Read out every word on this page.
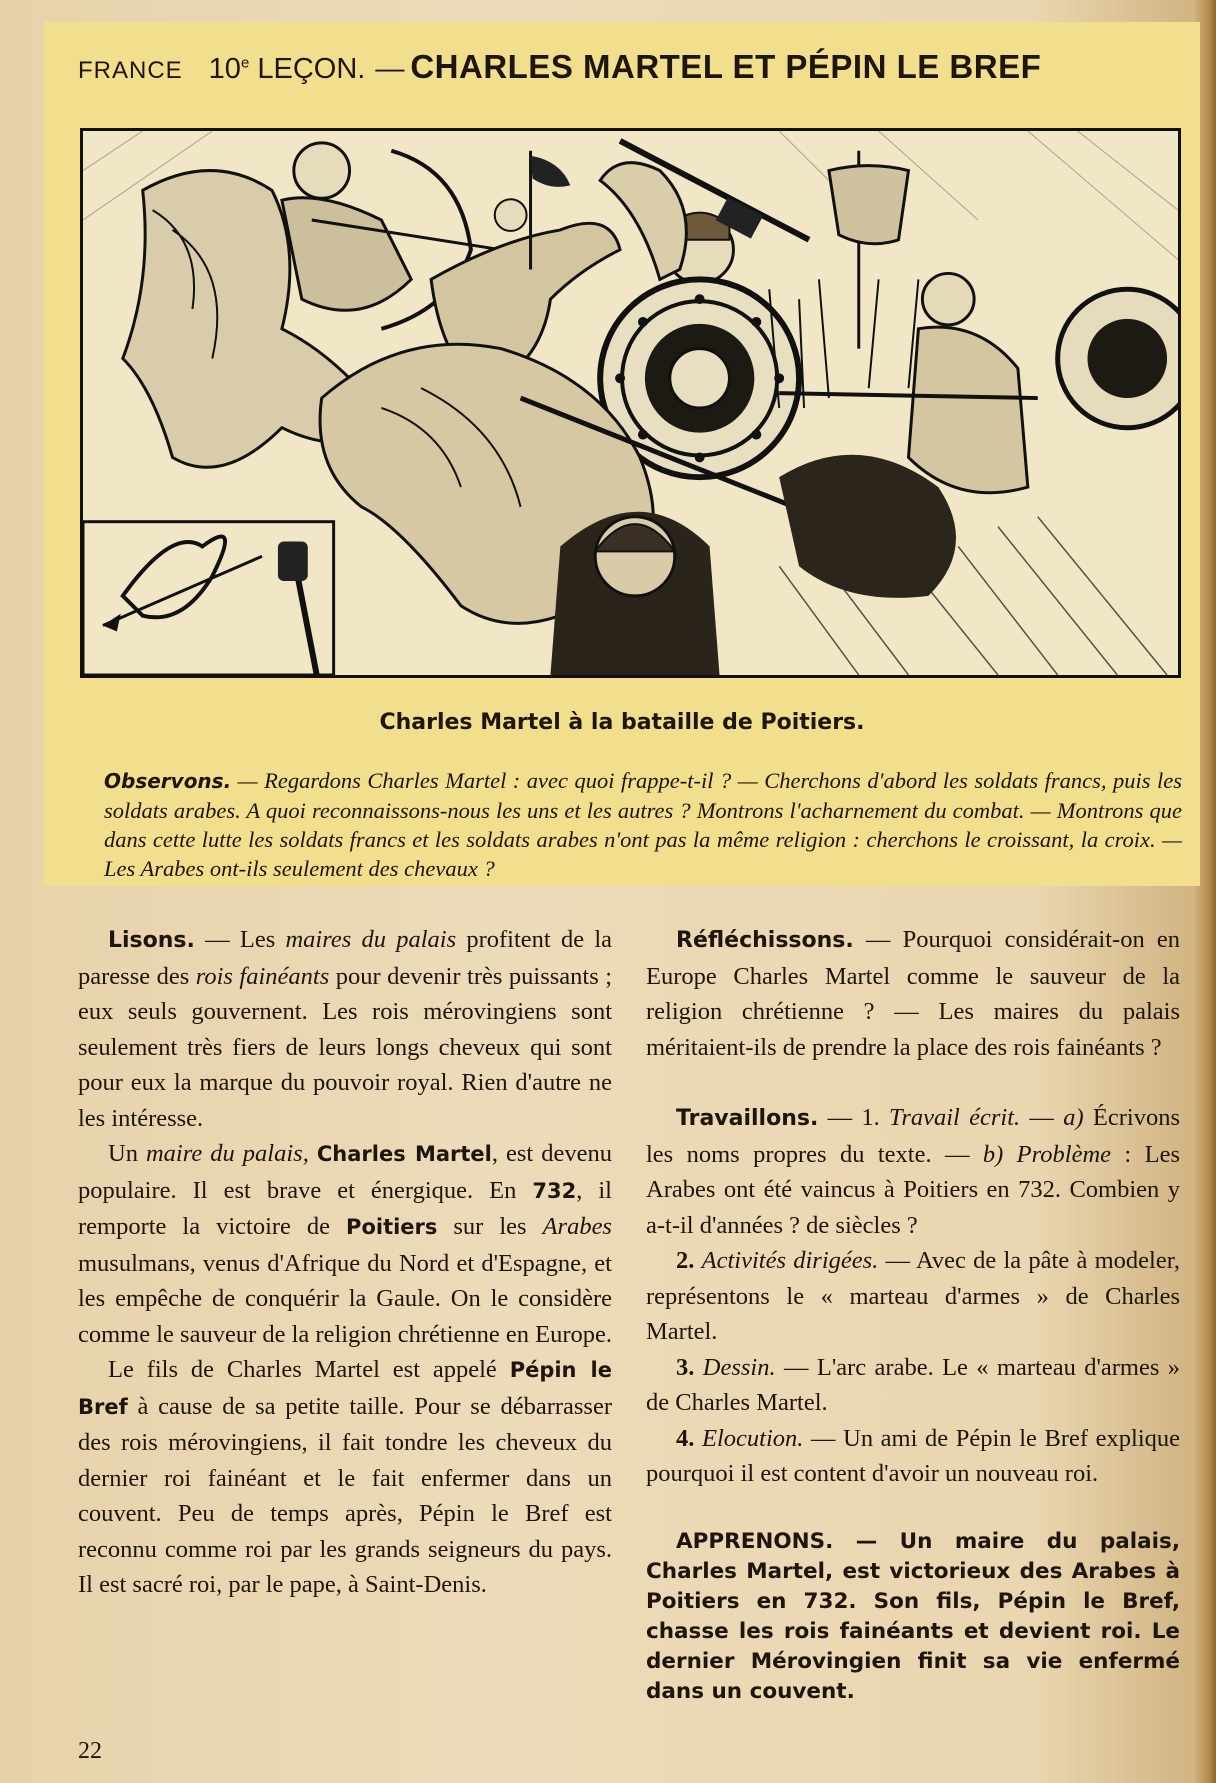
FRANCE 10e LEÇON. — CHARLES MARTEL ET PÉPIN LE BREF
Charles Martel à la bataille de Poitiers.
Observons. — Regardons Charles Martel : avec quoi frappe-t-il ? — Cherchons d'abord les soldats francs, puis les soldats arabes. A quoi reconnaissons-nous les uns et les autres ? Montrons l'acharnement du combat. — Montrons que dans cette lutte les soldats francs et les soldats arabes n'ont pas la même religion : cherchons le croissant, la croix. — Les Arabes ont-ils seulement des chevaux ?

Lisons. — Les maires du palais profitent de la paresse des rois fainéants pour devenir très puissants ; eux seuls gouvernent. Les rois mérovingiens sont seulement très fiers de leurs longs cheveux qui sont pour eux la marque du pouvoir royal. Rien d'autre ne les intéresse.

Un maire du palais, Charles Martel, est devenu populaire. Il est brave et énergique. En 732, il remporte la victoire de Poitiers sur les Arabes musulmans, venus d'Afrique du Nord et d'Espagne, et les empêche de conquérir la Gaule. On le considère comme le sauveur de la religion chrétienne en Europe.

Le fils de Charles Martel est appelé Pépin le Bref à cause de sa petite taille. Pour se débarrasser des rois mérovingiens, il fait tondre les cheveux du dernier roi fainéant et le fait enfermer dans un couvent. Peu de temps après, Pépin le Bref est reconnu comme roi par les grands seigneurs du pays. Il est sacré roi, par le pape, à Saint-Denis.

Réfléchissons. — Pourquoi considérait-on en Europe Charles Martel comme le sauveur de la religion chrétienne ? — Les maires du palais méritaient-ils de prendre la place des rois fainéants ?

Travaillons. — 1. Travail écrit. — a) Écrivons les noms propres du texte. — b) Problème : Les Arabes ont été vaincus à Poitiers en 732. Combien y a-t-il d'années ? de siècles ?

2. Activités dirigées. — Avec de la pâte à modeler, représentons le « marteau d'armes » de Charles Martel.

3. Dessin. — L'arc arabe. Le « marteau d'armes » de Charles Martel.

4. Elocution. — Un ami de Pépin le Bref explique pourquoi il est content d'avoir un nouveau roi.

APPRENONS. — Un maire du palais, Charles Martel, est victorieux des Arabes à Poitiers en 732. Son fils, Pépin le Bref, chasse les rois fainéants et devient roi. Le dernier Mérovingien finit sa vie enfermé dans un couvent.

22
